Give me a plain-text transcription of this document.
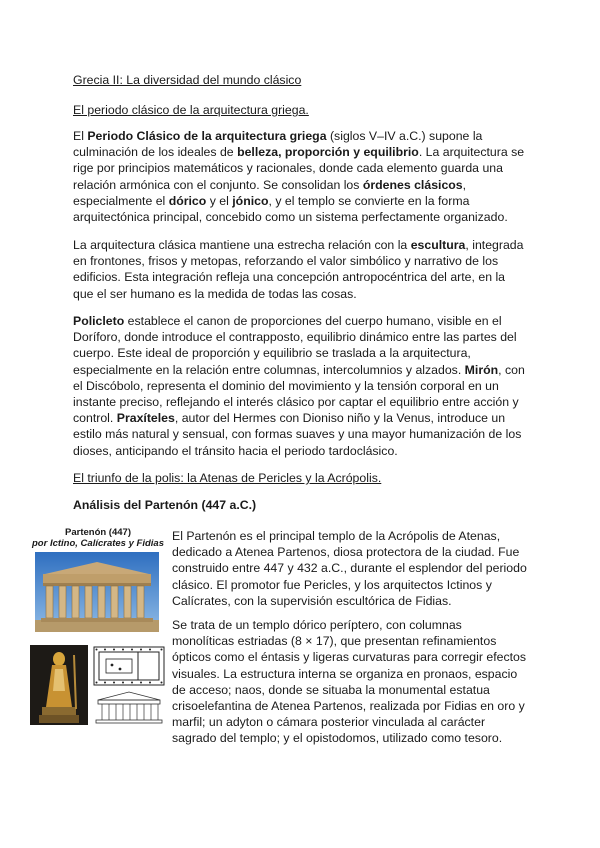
Grecia II: La diversidad del mundo clásico
El periodo clásico de la arquitectura griega.

El Periodo Clásico de la arquitectura griega (siglos V–IV a.C.) supone la culminación de los ideales de belleza, proporción y equilibrio. La arquitectura se rige por principios matemáticos y racionales, donde cada elemento guarda una relación armónica con el conjunto. Se consolidan los órdenes clásicos, especialmente el dórico y el jónico, y el templo se convierte en la forma arquitectónica principal, concebido como un sistema perfectamente organizado.

La arquitectura clásica mantiene una estrecha relación con la escultura, integrada en frontones, frisos y metopas, reforzando el valor simbólico y narrativo de los edificios. Esta integración refleja una concepción antropocéntrica del arte, en la que el ser humano es la medida de todas las cosas.

Policleto establece el canon de proporciones del cuerpo humano, visible en el Doríforo, donde introduce el contrapposto, equilibrio dinámico entre las partes del cuerpo. Este ideal de proporción y equilibrio se traslada a la arquitectura, especialmente en la relación entre columnas, intercolumnios y alzados. Mirón, con el Discóbolo, representa el dominio del movimiento y la tensión corporal en un instante preciso, reflejando el interés clásico por captar el equilibrio entre acción y control. Praxíteles, autor del Hermes con Dioniso niño y la Venus, introduce un estilo más natural y sensual, con formas suaves y una mayor humanización de los dioses, anticipando el tránsito hacia el periodo tardoclásico.

El triunfo de la polis: la Atenas de Pericles y la Acrópolis.
Análisis del Partenón (447 a.C.)
Partenón (447)
por Ictino, Calícrates y Fidias

El Partenón es el principal templo de la Acrópolis de Atenas, dedicado a Atenea Partenos, diosa protectora de la ciudad. Fue construido entre 447 y 432 a.C., durante el esplendor del periodo clásico. El promotor fue Pericles, y los arquitectos Ictinos y Calícrates, con la supervisión escultórica de Fidias.

Se trata de un templo dórico períptero, con columnas monolíticas estriadas (8 × 17), que presentan refinamientos ópticos como el éntasis y ligeras curvaturas para corregir efectos visuales. La estructura interna se organiza en pronaos, espacio de acceso; naos, donde se situaba la monumental estatua crisoelefantina de Atenea Partenos, realizada por Fidias en oro y marfil; un adyton o cámara posterior vinculada al carácter sagrado del templo; y el opistodomos, utilizado como tesoro.
